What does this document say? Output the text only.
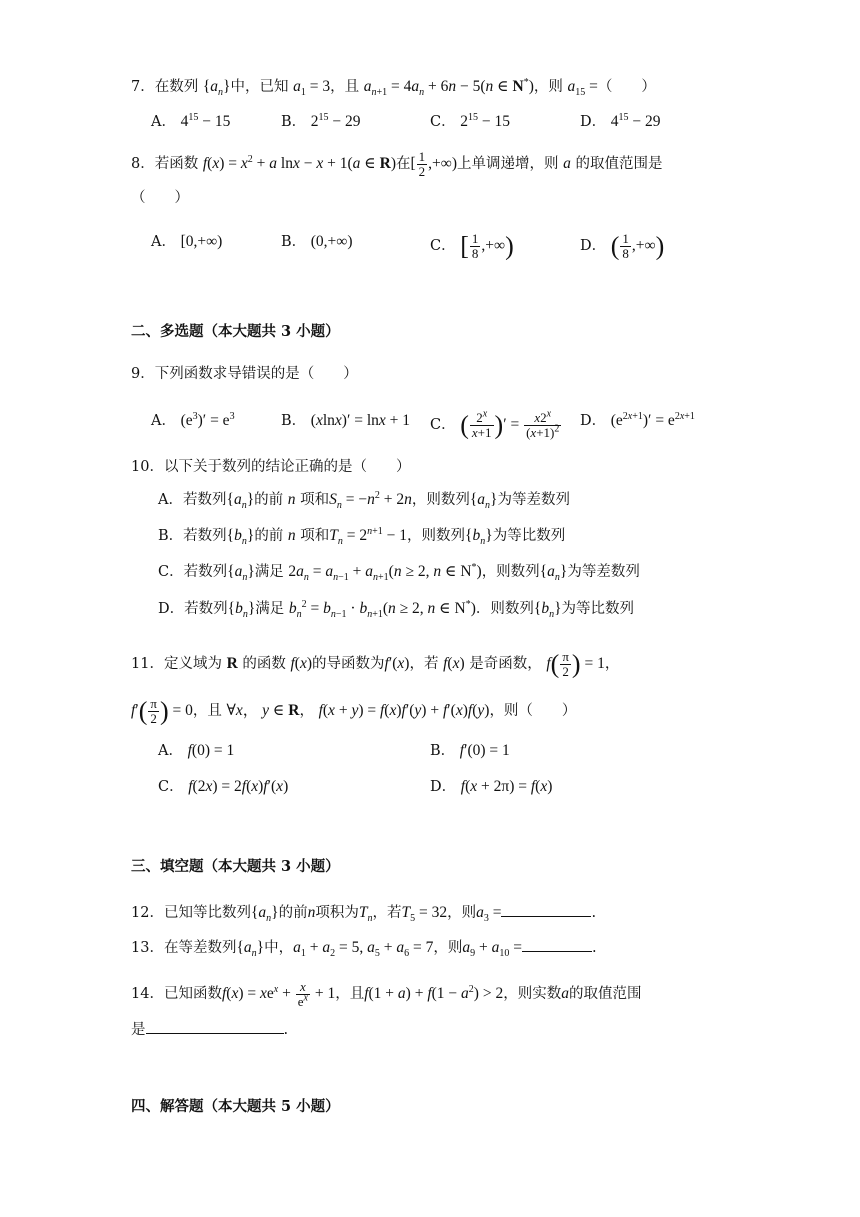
7．在数列 $\{a_n\}$中，已知 $a_1 = 3$，且 $a_{n+1} = 4a_n + 6n - 5(n$ ∈ N*)，则 $a_{15}$ =（　　）
A． $4^{15} - 15$	B． $2^{15} - 29$	C． $2^{15} - 15$	D． $4^{15} - 29$
8．若函数 $f(x) = x^2 + a$ lnx − x + 1(a ∈ R)在[ $\frac{1}{2}$ ,+∞)上单调递增，则 a 的取值范围是
（　　）
A． [0,+∞)	B． (0,+∞)	C． [ $\frac{1}{8}$ ,+∞)	D． ( $\frac{1}{8}$ ,+∞)
二、多选题（本大题共 3 小题）
9．下列函数求导错误的是（　　）
A． $(e^3)' = e^3$	B． (xlnx)′ = lnx + 1 C． ( $\frac{2^x}{x+1}$ )′ = $\frac{x2^x}{(x+1)^2}$ D． $(e^{2x+1})' = e^{2x+1}$
10．以下关于数列的结论正确的是（　　）
A．若数列$\{a_n\}$的前 n 项和$S_n = -n^2 + 2n$，则数列$\{a_n\}$为等差数列
B．若数列$\{b_n\}$的前 n 项和$T_n = 2^{n+1} - 1$，则数列$\{b_n\}$为等比数列
C．若数列$\{a_n\}$满足 $2a_n = a_{n-1} + a_{n+1}(n \ge 2$, n ∈ N*)，则数列$\{a_n\}$为等差数列
D．若数列$\{b_n\}$满足 $b_n^2 = b_{n-1} \cdot b_{n+1}(n \ge 2$, n ∈ N*)．则数列$\{b_n\}$为等比数列
11．定义域为 R 的函数 f(x)的导函数为f′(x)，若 f(x) 是奇函数， $f( \frac{\pi}{2}$ ) = 1，
$f'( \frac{\pi}{2}$ ) = 0，且 ∀x， y ∈ R， f(x + y) = f(x)f′(y) + f′(x)f(y)，则（　　）
A． f(0) = 1	B． f′(0) = 1
C． f(2x) = 2f(x)f′(x)	D． f(x + 2π) = f(x)
三、填空题（本大题共 3 小题）
12．已知等比数列$\{a_n\}$的前n项积为$T_n$，若$T_5 = 32$，则$a_3$ =	.
13．在等差数列$\{a_n\}$中，$a_1 + a_2 = 5$, $a_5 + a_6 = 7$，则$a_9 + a_{10}$ =	.
14．已知函数$f(x) = xe^x + \frac{x}{e^x} + 1$，且$f(1 + a) + f(1 - a^2) > 2$，则实数a的取值范围
是	.
四、解答题（本大题共 5 小题）
